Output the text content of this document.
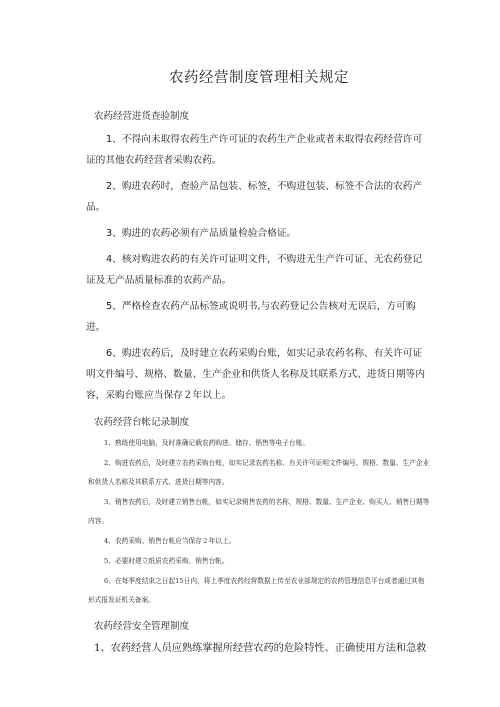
农药经营制度管理相关规定
农药经营进货查验制度
1、不得向未取得农药生产许可证的农药生产企业或者未取得农药经营许可证的其他农药经营者采购农药。
2、购进农药时，查验产品包装、标签，不购进包装、标签不合法的农药产品。
3、购进的农药必须有产品质量检验合格证。
4、核对购进农药的有关许可证明文件，不购进无生产许可证、无农药登记证及无产品质量标准的农药产品。
5、严格检查农药产品标签或说明书,与农药登记公告核对无误后，方可购进。
6、购进农药后，及时建立农药采购台账，如实记录农药名称、有关许可证明文件编号、规格、数量、生产企业和供货人名称及其联系方式、进货日期等内容，采购台账应当保存２年以上。
农药经营台帐记录制度
1、熟练使用电脑，及时准确记载农药购进、储存、销售等电子台账。
2、购进农药后，及时建立农药采购台账，如实记录农药名称、有关许可证明文件编号、规格、数量、生产企业和供货人名称及其联系方式、进货日期等内容。
3、销售农药后，及时建立销售台帐，如实记录销售农药的名称，规格、数量、生产企业、购买人、销售日期等内容。
4、农药采购、销售台帐应当保存２年以上。
5、必要时建立纸质农药采购、销售台帐。
6、在每季度结束之日起15日内，将上季度农药经营数据上传至农业部规定的农药管理信息平台或者通过其他形式报发证机关备案。
农药经营安全管理制度
1、农药经营人员应熟练掌握所经营农药的危险特性、正确使用方法和急救
